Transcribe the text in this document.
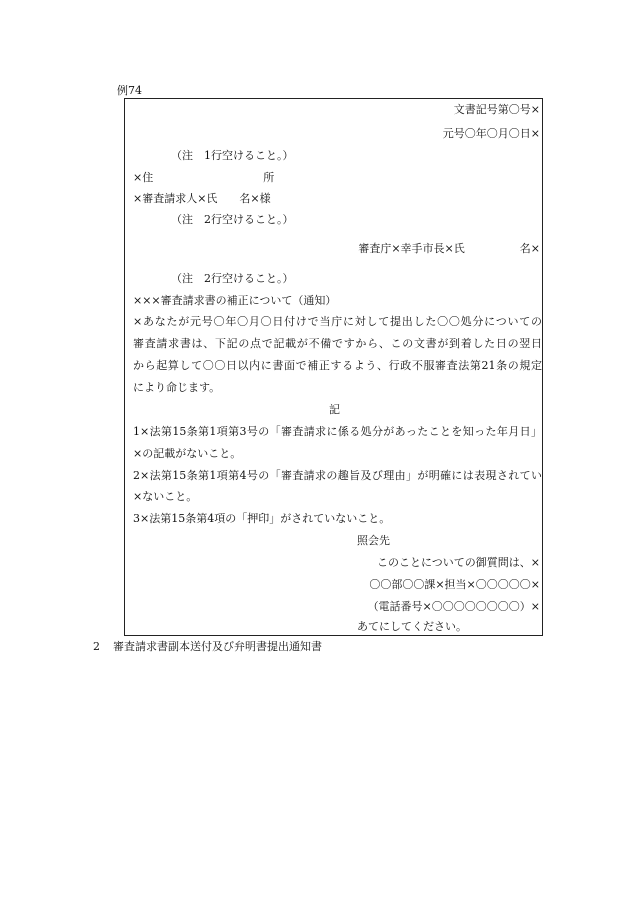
例74
文書記号第〇号×
元号〇年〇月〇日×
（注　1行空けること。）
×住　　　　　　　　　　所
×審査請求人×氏　　名×様
（注　2行空けること。）
審査庁×幸手市長×氏　　　　　名×
（注　2行空けること。）
×××審査請求書の補正について（通知）
×あなたが元号〇年〇月〇日付けで当庁に対して提出した〇〇処分についての
審査請求書は、下記の点で記載が不備ですから、この文書が到着した日の翌日
から起算して〇〇日以内に書面で補正するよう、行政不服審査法第21条の規定
により命じます。
記
1×法第15条第1項第3号の「審査請求に係る処分があったことを知った年月日」
×の記載がないこと。
2×法第15条第1項第4号の「審査請求の趣旨及び理由」が明確には表現されてい
×ないこと。
3×法第15条第4項の「押印」がされていないこと。
照会先
　このことについての御質問は、×
〇〇部〇〇課×担当×〇〇〇〇〇×
（電話番号×〇〇〇〇〇〇〇〇）×
あてにしてください。
2 審査請求書副本送付及び弁明書提出通知書
